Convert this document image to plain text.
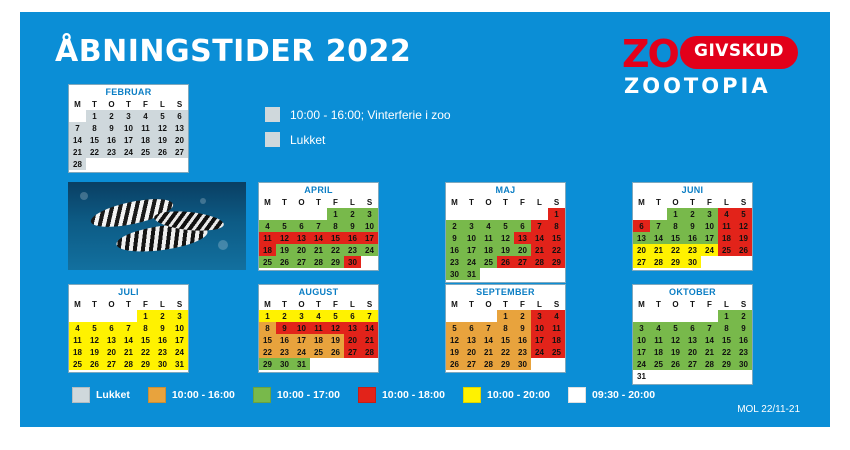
ÅBNINGSTIDER 2022	ZO GIVSKUD
ZOOTOPIA
10:00 - 16:00; Vinterferie i zoo
Lukket
FEBRUAR
M	T	O	T	F	L	S
	1	2	3	4	5	6
7	8	9	10	11	12	13
14	15	16	17	18	19	20
21	22	23	24	25	26	27
28						
APRIL
M	T	O	T	F	L	S
				1	2	3
4	5	6	7	8	9	10
11	12	13	14	15	16	17
18	19	20	21	22	23	24
25	26	27	28	29	30	
MAJ
M	T	O	T	F	L	S
						1
2	3	4	5	6	7	8
9	10	11	12	13	14	15
16	17	18	19	20	21	22
23	24	25	26	27	28	29
30	31					
JUNI
M	T	O	T	F	L	S
		1	2	3	4	5
6	7	8	9	10	11	12
13	14	15	16	17	18	19
20	21	22	23	24	25	26
27	28	29	30			
JULI
M	T	O	T	F	L	S
				1	2	3
4	5	6	7	8	9	10
11	12	13	14	15	16	17
18	19	20	21	22	23	24
25	26	27	28	29	30	31
AUGUST
M	T	O	T	F	L	S
1	2	3	4	5	6	7
8	9	10	11	12	13	14
15	16	17	18	19	20	21
22	23	24	25	26	27	28
29	30	31				
SEPTEMBER
M	T	O	T	F	L	S
			1	2	3	4
5	6	7	8	9	10	11
12	13	14	15	16	17	18
19	20	21	22	23	24	25
26	27	28	29	30		
OKTOBER
M	T	O	T	F	L	S
					1	2
3	4	5	6	7	8	9
10	11	12	13	14	15	16
17	18	19	20	21	22	23
24	25	26	27	28	29	30
31						
Lukket	10:00 - 16:00	10:00 - 17:00	10:00 - 18:00	10:00 - 20:00	09:30 - 20:00
MOL 22/11-21
